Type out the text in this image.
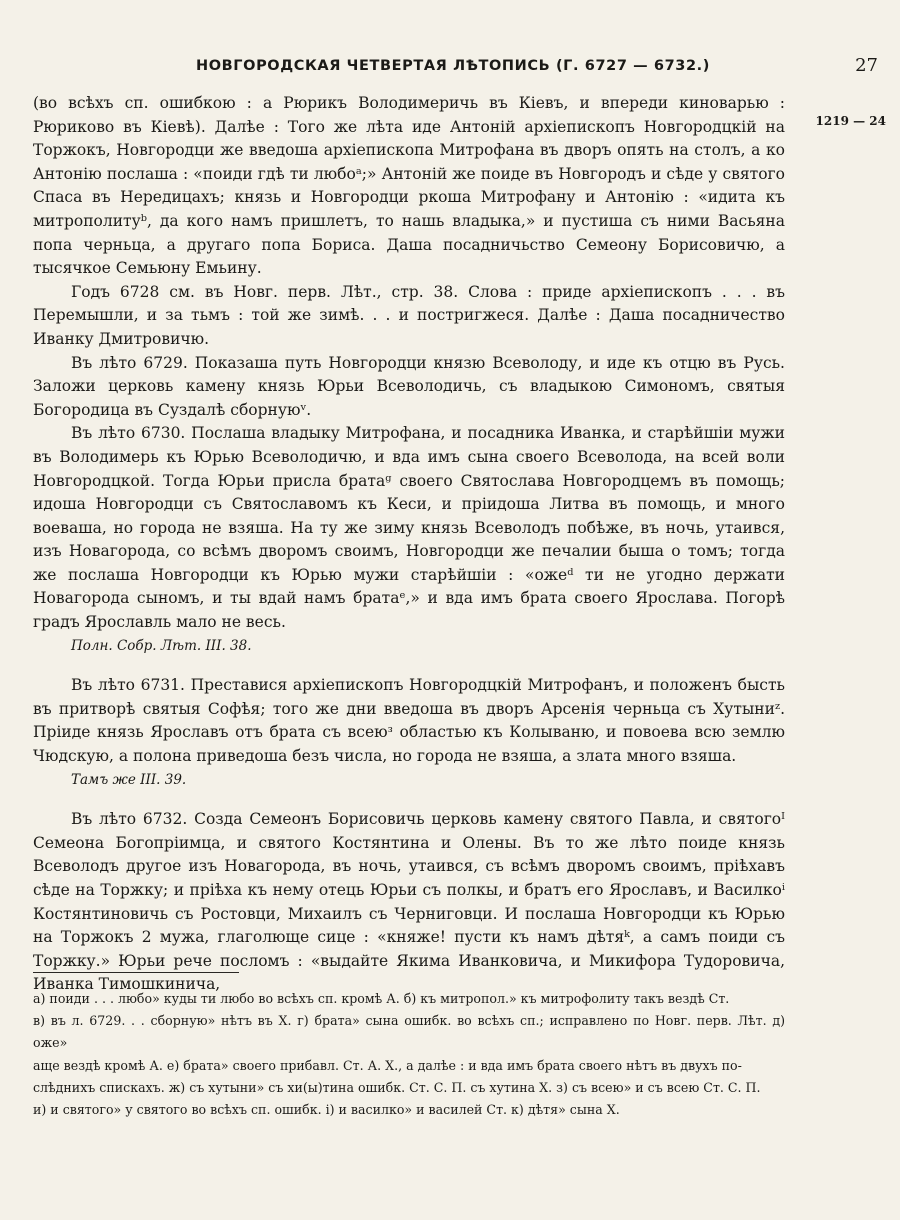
НОВГОРОДСКАЯ ЧЕТВЕРТАЯ ЛѢТОПИСЬ (Г. 6727 — 6732.)	27
1219 — 24

(во всѣхъ сп. ошибкою : а Рюрикъ Володимеричь въ Кіевъ, и впереди киноварью : Рюриково въ Кіевѣ). Далѣе : Того же лѣта иде Антоній архіепископъ Новгородцкій на Торжокъ, Новгородци же введоша архіепископа Митрофана въ дворъ опять на столъ, а ко Антонію послаша : «поиди гдѣ ти любоᵃ;» Антоній же поиде въ Новгородъ и сѣде у святого Спаса въ Нередицахъ; князь и Новгородци ркоша Митрофану и Антонію : «идита къ митрополитуᵇ, да кого намъ пришлетъ, то нашь владыка,» и пустиша съ ними Васьяна попа черньца, а другаго попа Бориса. Даша посадничьство Семеону Борисовичю, а тысячкое Семьюну Емьину.

Годъ 6728 см. въ Новг. перв. Лѣт., стр. 38. Слова : приде архіепископъ . . . въ Перемышли, и за тьмъ : той же зимѣ. . . и постригжеся. Далѣе : Даша посадничество Иванку Дмитровичю.

Въ лѣто 6729. Показаша путь Новгородци князю Всеволоду, и иде къ отцю въ Русь. Заложи церковь камену князь Юрьи Всеволодичь, съ владыкою Симономъ, святыя Богородица въ Суздалѣ сборнуюᵛ.

Въ лѣто 6730. Послаша владыку Митрофана, и посадника Иванка, и старѣйшіи мужи въ Володимерь къ Юрью Всеволодичю, и вда имъ сына своего Всеволода, на всей воли Новгородцкой. Тогда Юрьи присла братаᵍ своего Святослава Новгородцемъ въ помощь; идоша Новгородци съ Святославомъ къ Кеси, и пріидоша Литва въ помощь, и много воеваша, но города не взяша. На ту же зиму князь Всеволодъ побѣже, въ ночь, утаився, изъ Новагорода, со всѣмъ дворомъ своимъ, Новгородци же печалии быша о томъ; тогда же послаша Новгородци къ Юрью мужи старѣйшіи : «ожеᵈ ти не угодно держати Новагорода сыномъ, и ты вдай намъ братаᵉ,» и вда имъ брата своего Ярослава. Погорѣ градъ Ярославль мало не весь.

Полн. Собр. Лѣт. III. 38.

Въ лѣто 6731. Преставися архіепископъ Новгородцкій Митрофанъ, и положенъ бысть въ притворѣ святыя Софѣя; того же дни введоша въ дворъ Арсенія черньца съ Хутыниᶻ. Пріиде князь Ярославъ отъ брата съ всеюᶟ областью къ Колываню, и повоева всю землю Чюдскую, а полона приведоша безъ числа, но города не взяша, а злата много взяша.

Тамъ же III. 39.

Въ лѣто 6732. Созда Семеонъ Борисовичь церковь камену святого Павла, и святогоᴵ Семеона Богопріимца, и святого Костянтина и Олены. Въ то же лѣто поиде князь Всеволодъ другое изъ Новагорода, въ ночь, утаився, съ всѣмъ дворомъ своимъ, пріѣхавъ сѣде на Торжку; и пріѣха къ нему отець Юрьи съ полкы, и братъ его Ярославъ, и Василкоⁱ Костянтиновичь съ Ростовци, Михаилъ съ Черниговци. И послаша Новгородци къ Юрью на Торжокъ 2 мужа, глаголюще сице : «княже! пусти къ намъ дѣтяᵏ, а самъ поиди съ Торжку.» Юрьи рече посломъ : «выдайте Якима Иванковича, и Микифора Тудоровича, Иванка Тимошкинича,

а) поиди . . . любо» куды ти любо во всѣхъ сп. кромѣ А. б) къ митропол.» къ митрофолиту такъ вездѣ Ст.

в) въ л. 6729. . . сборную» нѣтъ въ Х. г) брата» сына ошибк. во всѣхъ сп.; исправлено по Новг. перв. Лѣт. д) оже»

аще вездѣ кромѣ А. е) брата» своего прибавл. Ст. А. Х., а далѣе : и вда имъ брата своего нѣтъ въ двухъ по-

слѣднихъ спискахъ. ж) съ хутыни» съ хи(ы)тина ошибк. Ст. С. П. съ хутина Х. з) съ всею» и съ всею Ст. С. П.

и) и святого» у святого во всѣхъ сп. ошибк. і) и василко» и василей Ст. к) дѣтя» сына Х.
